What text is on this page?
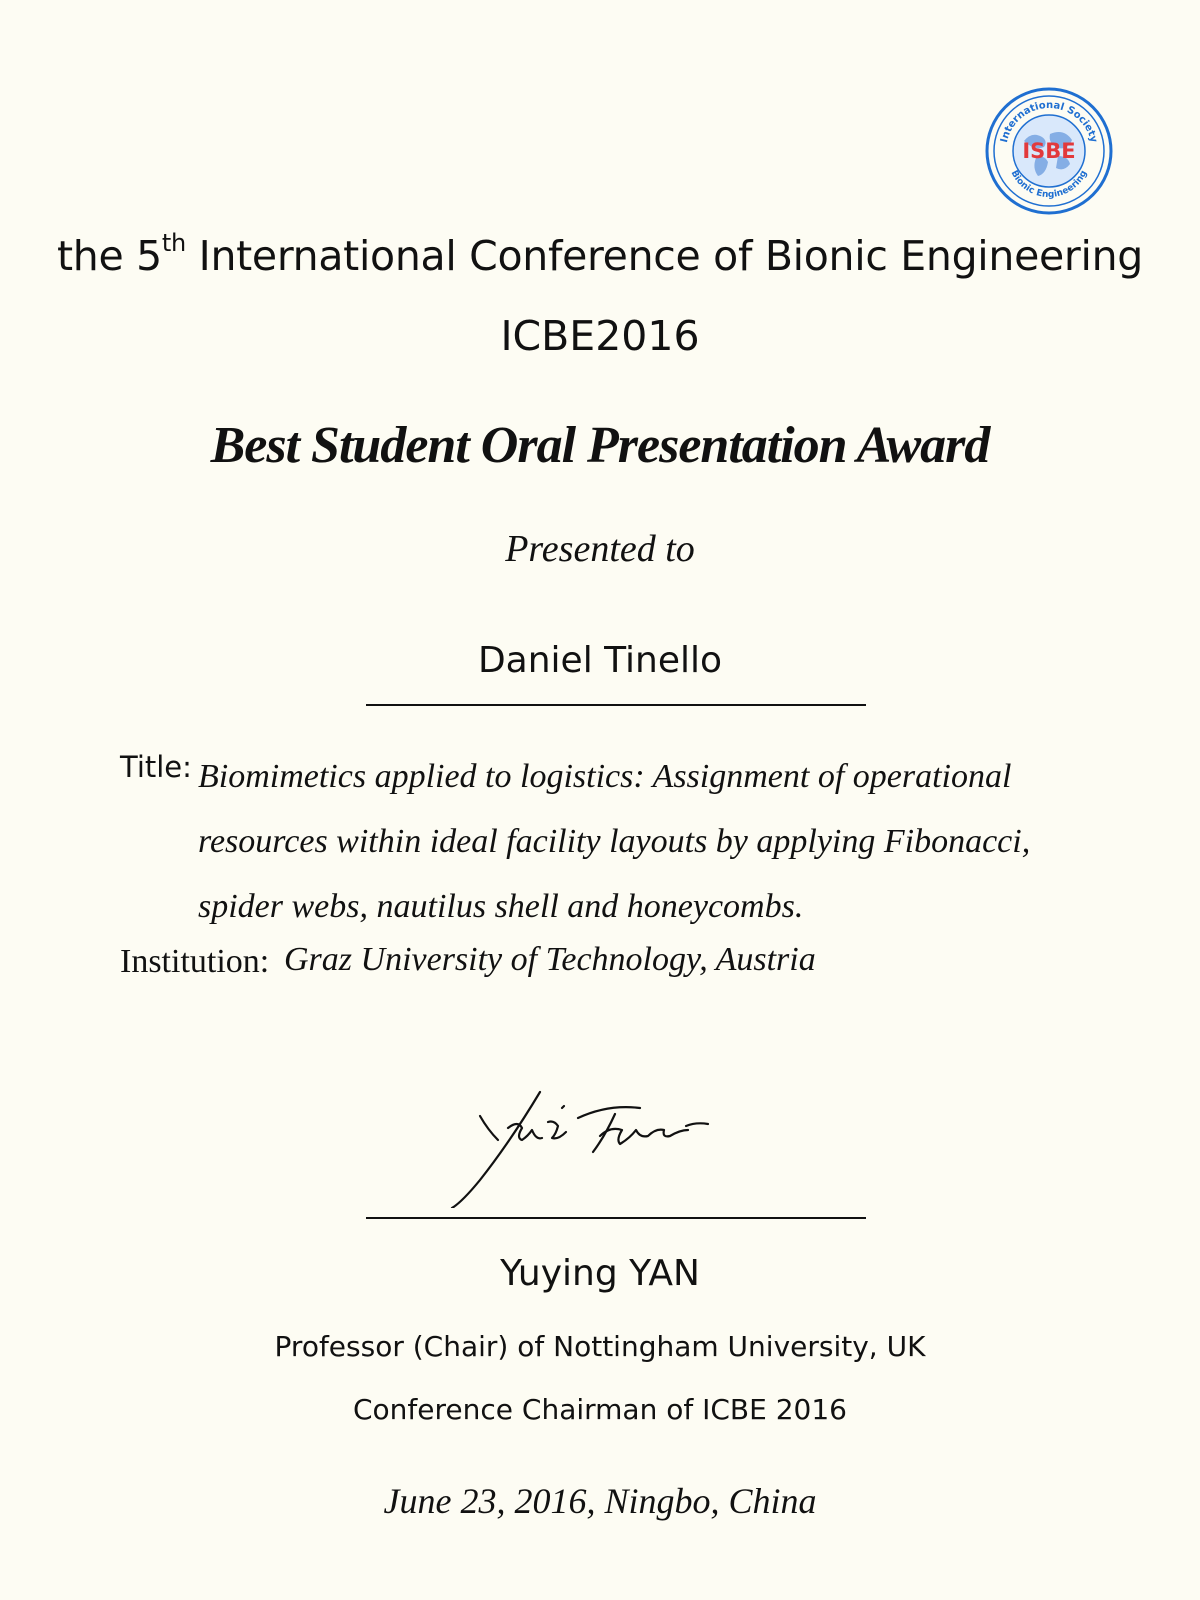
International Society
Bionic Engineering
ISBE
the 5th International Conference of Bionic Engineering
ICBE2016
Best Student Oral Presentation Award
Presented to
Daniel Tinello
Title: Biomimetics applied to logistics: Assignment of operational
resources within ideal facility layouts by applying Fibonacci,
spider webs, nautilus shell and honeycombs.
Institution: Graz University of Technology, Austria
Yuying YAN
Professor (Chair) of Nottingham University, UK
Conference Chairman of ICBE 2016
June 23, 2016, Ningbo, China
